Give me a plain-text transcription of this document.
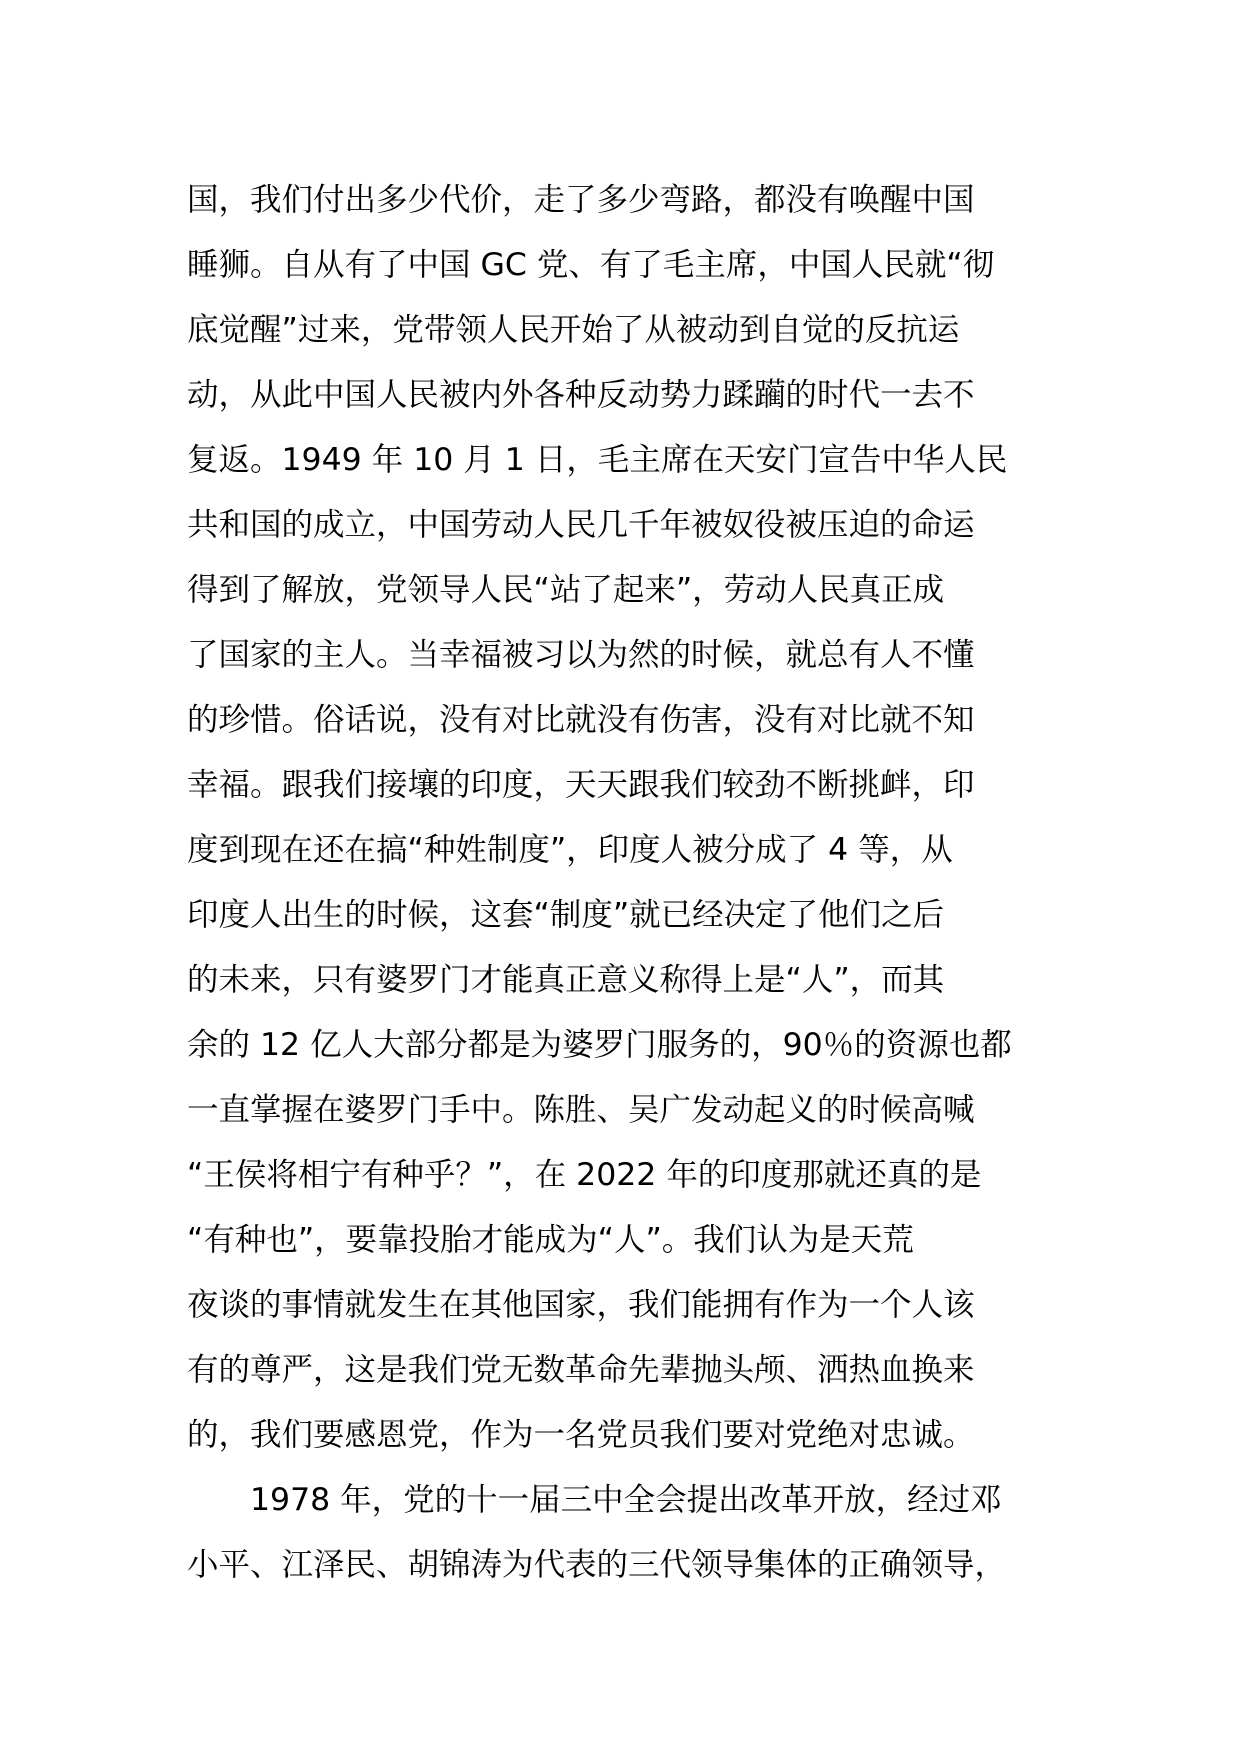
国，我们付出多少代价，走了多少弯路，都没有唤醒中国
睡狮。自从有了中国 GC 党、有了毛主席，中国人民就“彻
底觉醒”过来，党带领人民开始了从被动到自觉的反抗运
动，从此中国人民被内外各种反动势力蹂躏的时代一去不
复返。1949 年 10 月 1 日，毛主席在天安门宣告中华人民
共和国的成立，中国劳动人民几千年被奴役被压迫的命运
得到了解放，党领导人民“站了起来”，劳动人民真正成
了国家的主人。当幸福被习以为然的时候，就总有人不懂
的珍惜。俗话说，没有对比就没有伤害，没有对比就不知
幸福。跟我们接壤的印度，天天跟我们较劲不断挑衅，印
度到现在还在搞“种姓制度”，印度人被分成了 4 等，从
印度人出生的时候，这套“制度”就已经决定了他们之后
的未来，只有婆罗门才能真正意义称得上是“人”，而其
余的 12 亿人大部分都是为婆罗门服务的，90％的资源也都
一直掌握在婆罗门手中。陈胜、吴广发动起义的时候高喊
“王侯将相宁有种乎？”，在 2022 年的印度那就还真的是
“有种也”，要靠投胎才能成为“人”。我们认为是天荒
夜谈的事情就发生在其他国家，我们能拥有作为一个人该
有的尊严，这是我们党无数革命先辈抛头颅、洒热血换来
的，我们要感恩党，作为一名党员我们要对党绝对忠诚。
　　1978 年，党的十一届三中全会提出改革开放，经过邓
小平、江泽民、胡锦涛为代表的三代领导集体的正确领导，
